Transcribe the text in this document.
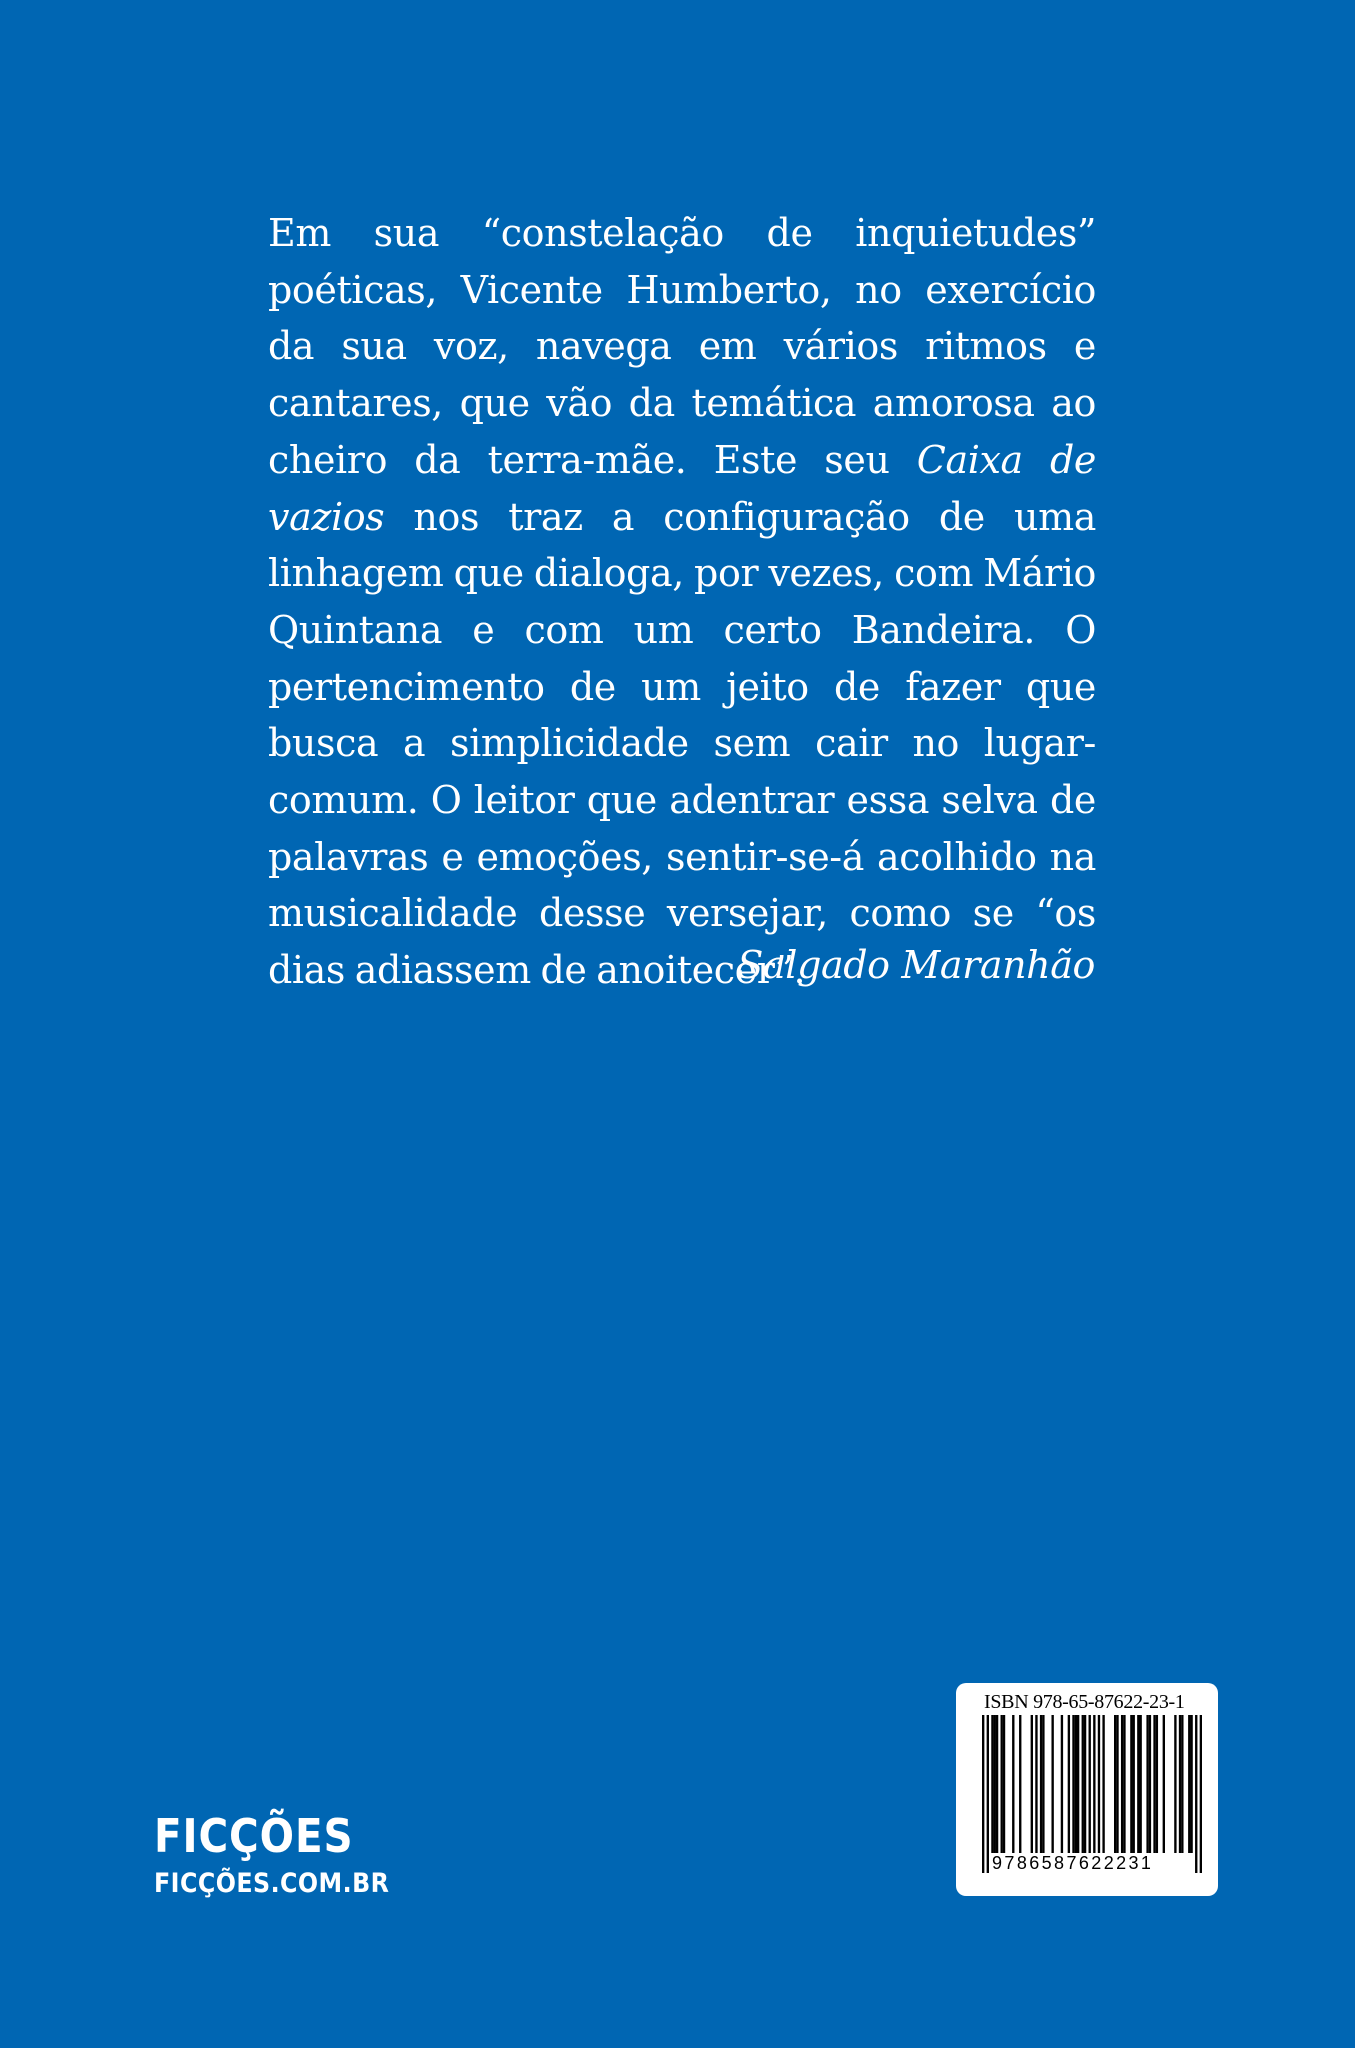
Em sua “constelação de inquietudes” poéticas, Vicente Humberto, no exercício da sua voz, navega em vários ritmos e cantares, que vão da temática amorosa ao cheiro da terra-mãe. Este seu Caixa de vazios nos traz a configuração de uma linhagem que dialoga, por vezes, com Mário Quintana e com um certo Bandeira. O pertencimento de um jeito de fazer que busca a simplicidade sem cair no lugar-comum. O leitor que adentrar essa selva de palavras e emoções, sentir-se-á acolhido na musicalidade desse versejar, como se “os dias adiassem de anoitecer”.

Salgado Maranhão
FICÇÕES
FICÇÕES.COM.BR
ISBN 978-65-87622-23-1
9786587622231
